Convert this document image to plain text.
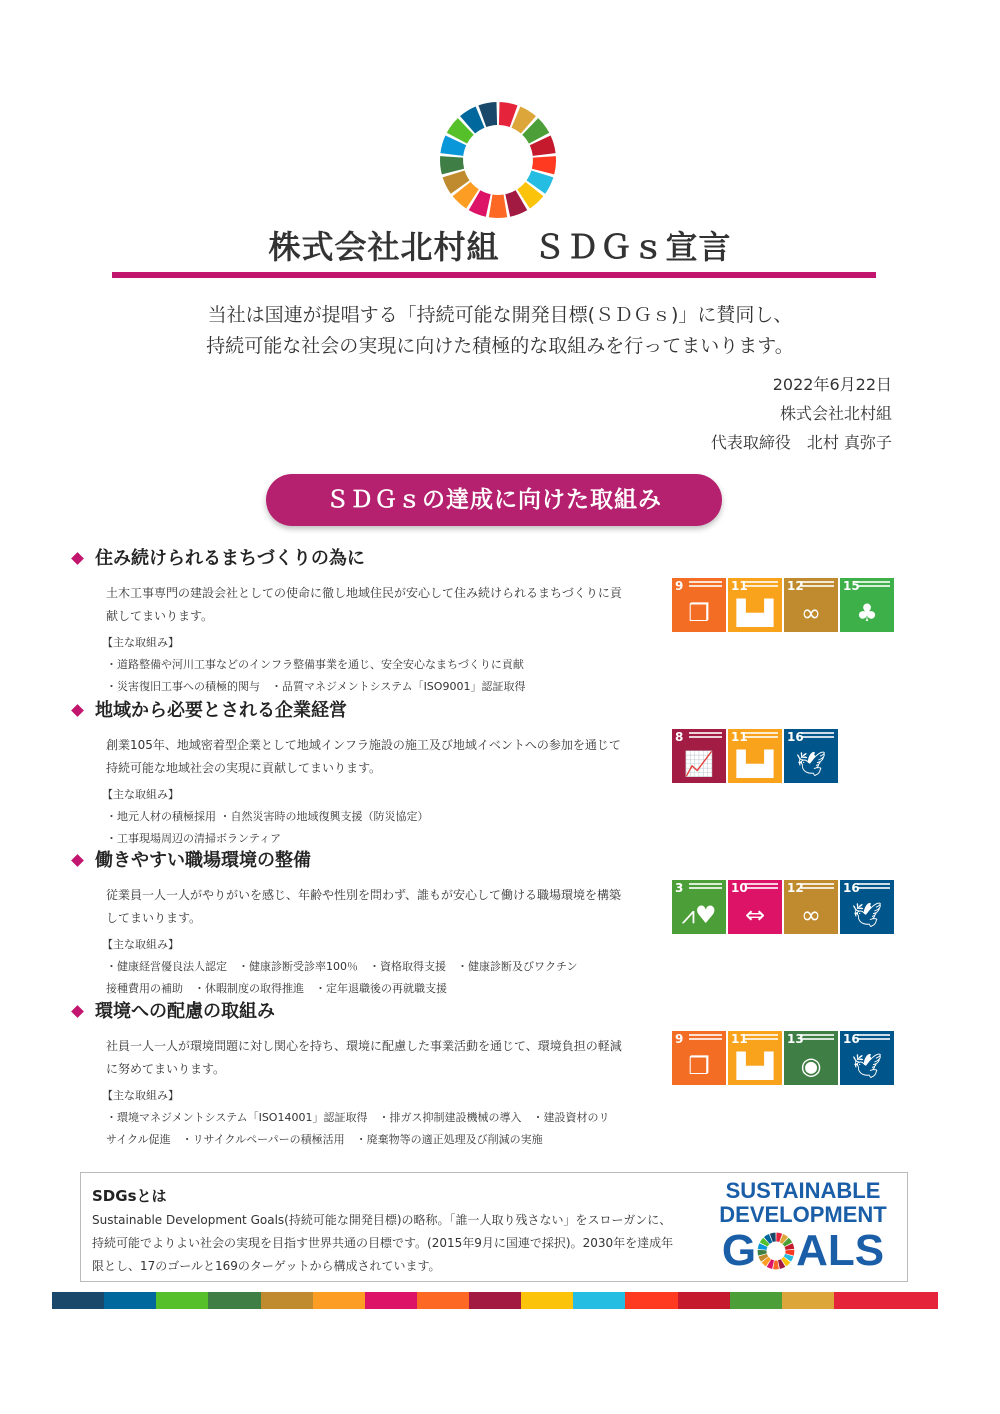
株式会社北村組 ＳＤＧｓ宣言
当社は国連が提唱する「持続可能な開発目標(ＳＤＧｓ)」に賛同し、
持続可能な社会の実現に向けた積極的な取組みを行ってまいります。
2022年6月22日
株式会社北村組
代表取締役　北村 真弥子
ＳＤＧｓの達成に向けた取組み
住み続けられるまちづくりの為に
土木工事専門の建設会社としての使命に徹し地域住民が安心して住み続けられるまちづくりに貢献してまいります。
【主な取組み】
・道路整備や河川工事などのインフラ整備事業を通じ、安全安心なまちづくりに貢献
・災害復旧工事への積極的関与　・品質マネジメントシステム「ISO9001」認証取得
9
❒
11
▙▟
12
∞
15
♣
地域から必要とされる企業経営
創業105年、地域密着型企業として地域インフラ施設の施工及び地域イベントへの参加を通じて持続可能な地域社会の実現に貢献してまいります。
【主な取組み】
・地元人材の積極採用 ・自然災害時の地域復興支援（防災協定）
・工事現場周辺の清掃ボランティア
8
📈
11
▙▟
16
🕊
働きやすい職場環境の整備
従業員一人一人がやりがいを感じ、年齢や性別を問わず、誰もが安心して働ける職場環境を構築してまいります。
【主な取組み】
・健康経営優良法人認定　・健康診断受診率100％　・資格取得支援　・健康診断及びワクチン
接種費用の補助　・休暇制度の取得推進　・定年退職後の再就職支援
3
⩘♥
10
⇔
12
∞
16
🕊
環境への配慮の取組み
社員一人一人が環境問題に対し関心を持ち、環境に配慮した事業活動を通じて、環境負担の軽減に努めてまいります。
【主な取組み】
・環境マネジメントシステム「ISO14001」認証取得　・排ガス抑制建設機械の導入　・建設資材のリ
サイクル促進　・リサイクルペーパーの積極活用　・廃棄物等の適正処理及び削減の実施
9
❒
11
▙▟
13
◉
16
🕊
SDGsとは
Sustainable Development Goals(持続可能な開発目標)の略称。「誰一人取り残さない」をスローガンに、持続可能でよりよい社会の実現を目指す世界共通の目標です。(2015年9月に国連で採択)。2030年を達成年限とし、17のゴールと169のターゲットから構成されています。
SUSTAINABLE
DEVELOPMENT
G ALS
